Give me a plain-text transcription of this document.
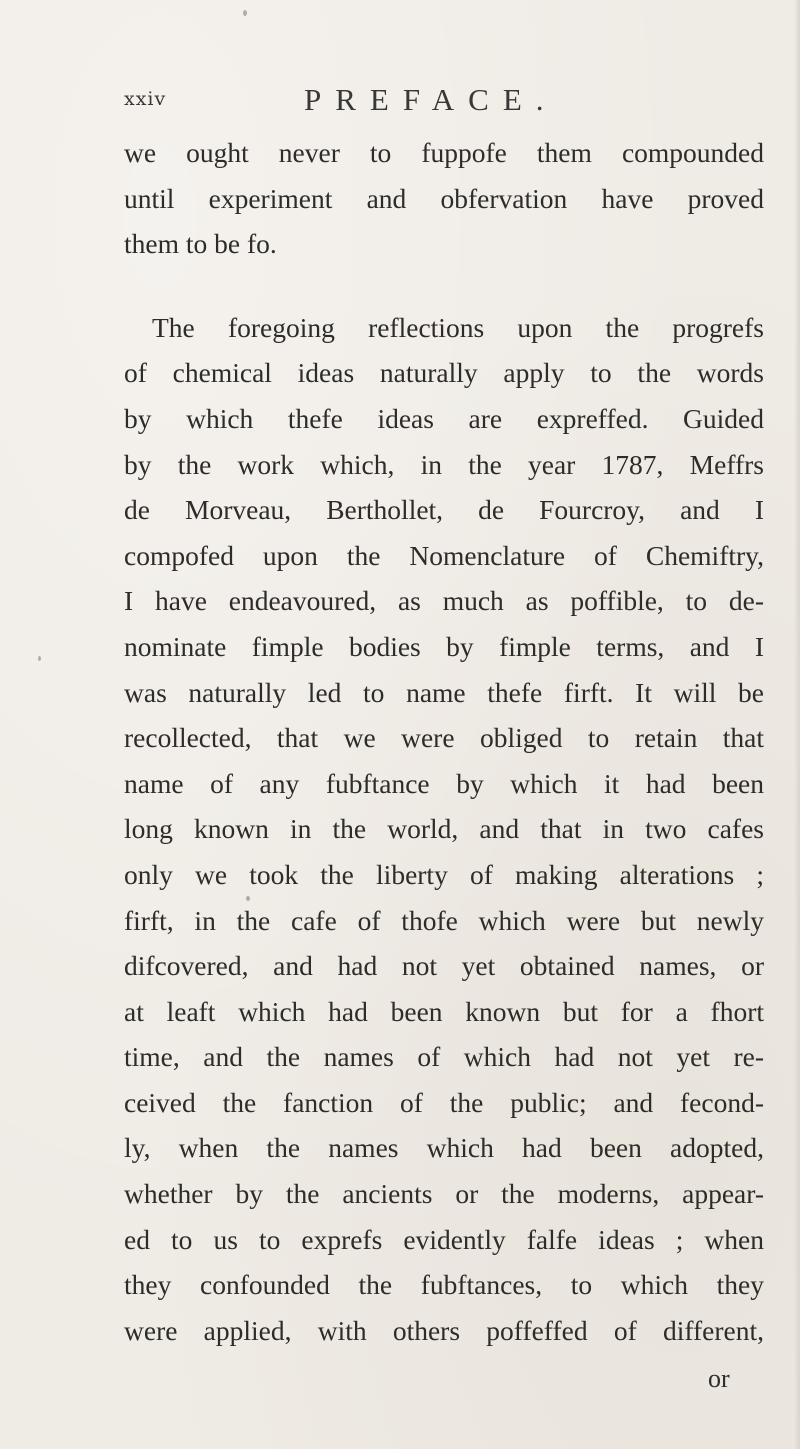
xxiv	PREFACE.
we ought never to fuppofe them compounded
until experiment and obfervation have proved
them to be fo.
The foregoing reflections upon the progrefs
of chemical ideas naturally apply to the words
by which thefe ideas are expreffed. Guided
by the work which, in the year 1787, Meffrs
de Morveau, Berthollet, de Fourcroy, and I
compofed upon the Nomenclature of Chemiftry,
I have endeavoured, as much as poffible, to de-
nominate fimple bodies by fimple terms, and I
was naturally led to name thefe firft. It will be
recollected, that we were obliged to retain that
name of any fubftance by which it had been
long known in the world, and that in two cafes
only we took the liberty of making alterations ;
firft, in the cafe of thofe which were but newly
difcovered, and had not yet obtained names, or
at leaft which had been known but for a fhort
time, and the names of which had not yet re-
ceived the fanction of the public; and fecond-
ly, when the names which had been adopted,
whether by the ancients or the moderns, appear-
ed to us to exprefs evidently falfe ideas ; when
they confounded the fubftances, to which they
were applied, with others poffeffed of different,
or
